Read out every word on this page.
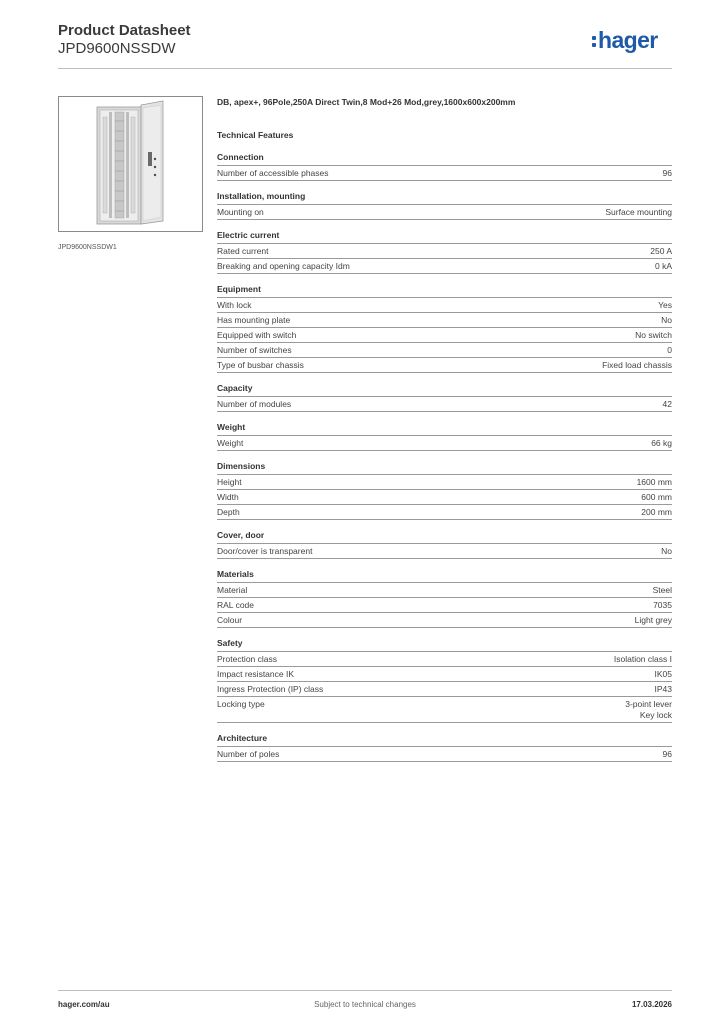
Product Datasheet
JPD9600NSSDW	hager
JPD9600NSSDW1
DB, apex+, 96Pole,250A Direct Twin,8 Mod+26 Mod,grey,1600x600x200mm
Technical Features
Connection
Number of accessible phases	96
Installation, mounting
Mounting on	Surface mounting
Electric current
Rated current	250 A
Breaking and opening capacity Idm	0 kA
Equipment
With lock	Yes
Has mounting plate	No
Equipped with switch	No switch
Number of switches	0
Type of busbar chassis	Fixed load chassis
Capacity
Number of modules	42
Weight
Weight	66 kg
Dimensions
Height	1600 mm
Width	600 mm
Depth	200 mm
Cover, door
Door/cover is transparent	No
Materials
Material	Steel
RAL code	7035
Colour	Light grey
Safety
Protection class	Isolation class I
Impact resistance IK	IK05
Ingress Protection (IP) class	IP43
Locking type	3-point lever
Key lock
Architecture
Number of poles	96
hager.com/au	Subject to technical changes	17.03.2026
